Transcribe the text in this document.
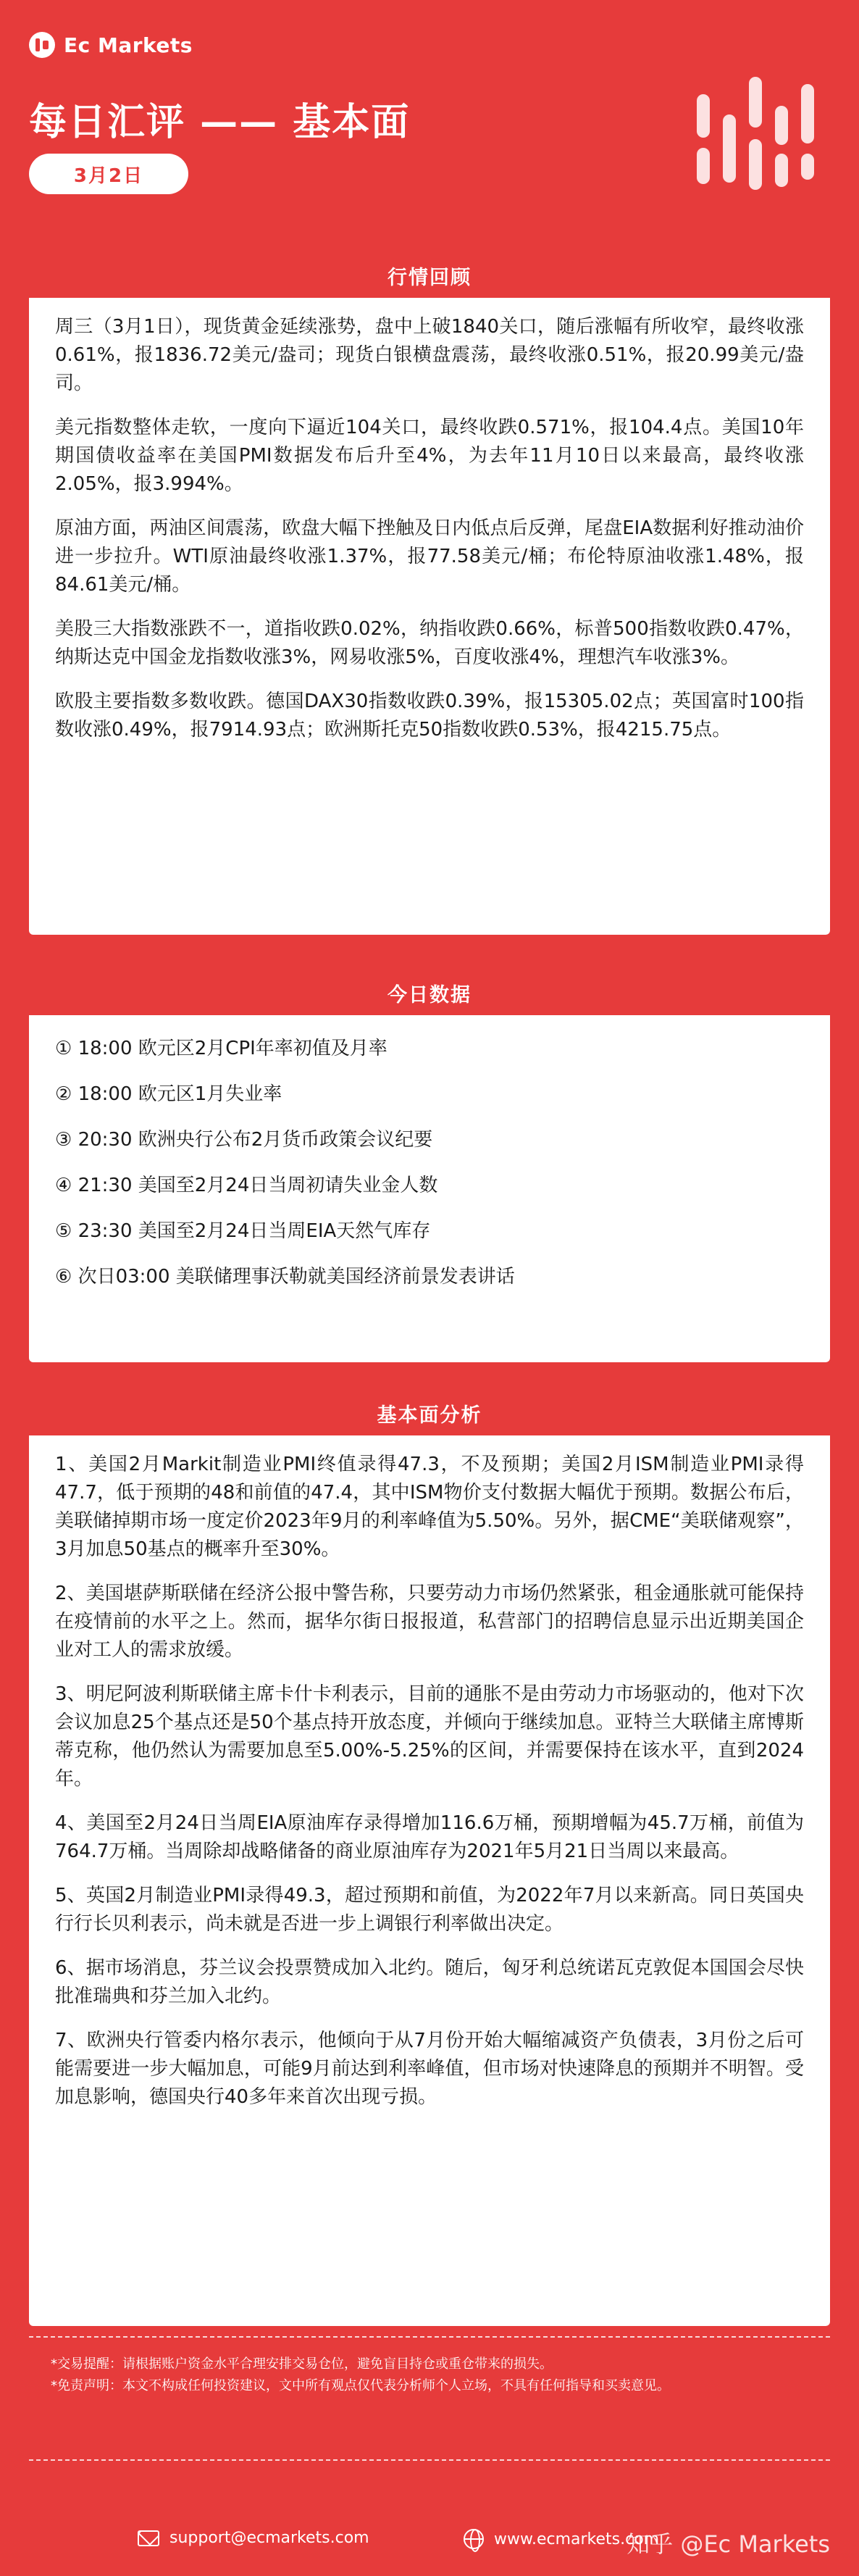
Ec Markets
每日汇评 —— 基本面
3月2日
行情回顾

周三（3月1日），现货黄金延续涨势，盘中上破1840关口，随后涨幅有所收窄，最终收涨0.61%，报1836.72美元/盎司；现货白银横盘震荡，最终收涨0.51%，报20.99美元/盎司。

美元指数整体走软，一度向下逼近104关口，最终收跌0.571%，报104.4点。美国10年期国债收益率在美国PMI数据发布后升至4%，为去年11月10日以来最高，最终收涨2.05%，报3.994%。

原油方面，两油区间震荡，欧盘大幅下挫触及日内低点后反弹，尾盘EIA数据利好推动油价进一步拉升。WTI原油最终收涨1.37%，报77.58美元/桶；布伦特原油收涨1.48%，报84.61美元/桶。

美股三大指数涨跌不一，道指收跌0.02%，纳指收跌0.66%，标普500指数收跌0.47%，纳斯达克中国金龙指数收涨3%，网易收涨5%，百度收涨4%，理想汽车收涨3%。

欧股主要指数多数收跌。德国DAX30指数收跌0.39%，报15305.02点；英国富时100指数收涨0.49%，报7914.93点；欧洲斯托克50指数收跌0.53%，报4215.75点。

今日数据
① 18:00 欧元区2月CPI年率初值及月率
② 18:00 欧元区1月失业率
③ 20:30 欧洲央行公布2月货币政策会议纪要
④ 21:30 美国至2月24日当周初请失业金人数
⑤ 23:30 美国至2月24日当周EIA天然气库存
⑥ 次日03:00 美联储理事沃勒就美国经济前景发表讲话
基本面分析

1、美国2月Markit制造业PMI终值录得47.3，不及预期；美国2月ISM制造业PMI录得47.7，低于预期的48和前值的47.4，其中ISM物价支付数据大幅优于预期。数据公布后，美联储掉期市场一度定价2023年9月的利率峰值为5.50%。另外，据CME“美联储观察”，3月加息50基点的概率升至30%。

2、美国堪萨斯联储在经济公报中警告称，只要劳动力市场仍然紧张，租金通胀就可能保持在疫情前的水平之上。然而，据华尔街日报报道，私营部门的招聘信息显示出近期美国企业对工人的需求放缓。

3、明尼阿波利斯联储主席卡什卡利表示，目前的通胀不是由劳动力市场驱动的，他对下次会议加息25个基点还是50个基点持开放态度，并倾向于继续加息。亚特兰大联储主席博斯蒂克称，他仍然认为需要加息至5.00%-5.25%的区间，并需要保持在该水平，直到2024年。

4、美国至2月24日当周EIA原油库存录得增加116.6万桶，预期增幅为45.7万桶，前值为764.7万桶。当周除却战略储备的商业原油库存为2021年5月21日当周以来最高。

5、英国2月制造业PMI录得49.3，超过预期和前值，为2022年7月以来新高。同日英国央行行长贝利表示，尚未就是否进一步上调银行利率做出决定。

6、据市场消息，芬兰议会投票赞成加入北约。随后，匈牙利总统诺瓦克敦促本国国会尽快批准瑞典和芬兰加入北约。

7、欧洲央行管委内格尔表示，他倾向于从7月份开始大幅缩减资产负债表，3月份之后可能需要进一步大幅加息，可能9月前达到利率峰值，但市场对快速降息的预期并不明智。受加息影响，德国央行40多年来首次出现亏损。

*交易提醒：请根据账户资金水平合理安排交易仓位，避免盲目持仓或重仓带来的损失。

*免责声明：本文不构成任何投资建议，文中所有观点仅代表分析师个人立场，不具有任何指导和买卖意见。

support@ecmarkets.com	www.ecmarkets.com
知乎 @Ec Markets
